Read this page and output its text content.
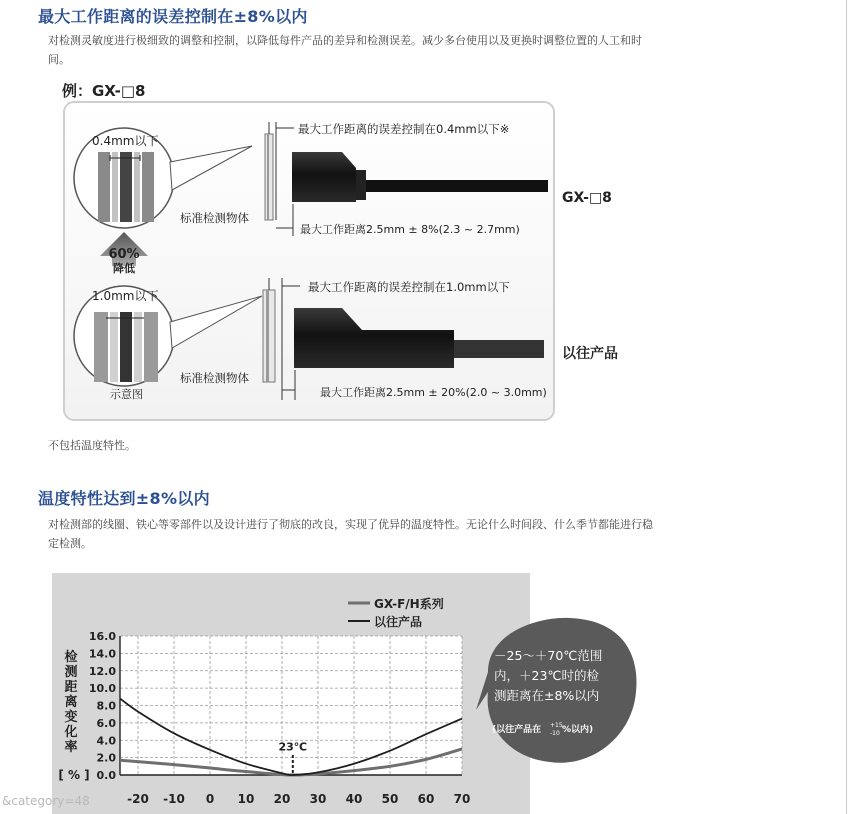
最大工作距离的误差控制在±8%以内

对检测灵敏度进行极细致的调整和控制，以降低每件产品的差异和检测误差。减少多台使用以及更换时调整位置的人工和时
间。

例：GX-□8
0.4mm以下
60%
降低
1.0mm以下
示意图
最大工作距离的误差控制在0.4mm以下※
标准检测物体
最大工作距离2.5mm ± 8%(2.3 ~ 2.7mm)
GX-□8
最大工作距离的误差控制在1.0mm以下
标准检测物体
最大工作距离2.5mm ± 20%(2.0 ~ 3.0mm)
以往产品

不包括温度特性。

温度特性达到±8%以内

对检测部的线圈、铁心等零部件以及设计进行了彻底的改良，实现了优异的温度特性。无论什么时间段、什么季节都能进行稳
定检测。

0.0
2.0
4.0
6.0
8.0
10.0
12.0
14.0
16.0
-20 -10 0 10 20 30 40 50 60 70
检
测
距
离
变
化
率
[ % ]
GX-F/H系列
以往产品
23℃
－25～＋70℃范围
内，＋23℃时的检
测距离在±8%以内
(以往产品在 +15
-10 %以内)
&category=48
